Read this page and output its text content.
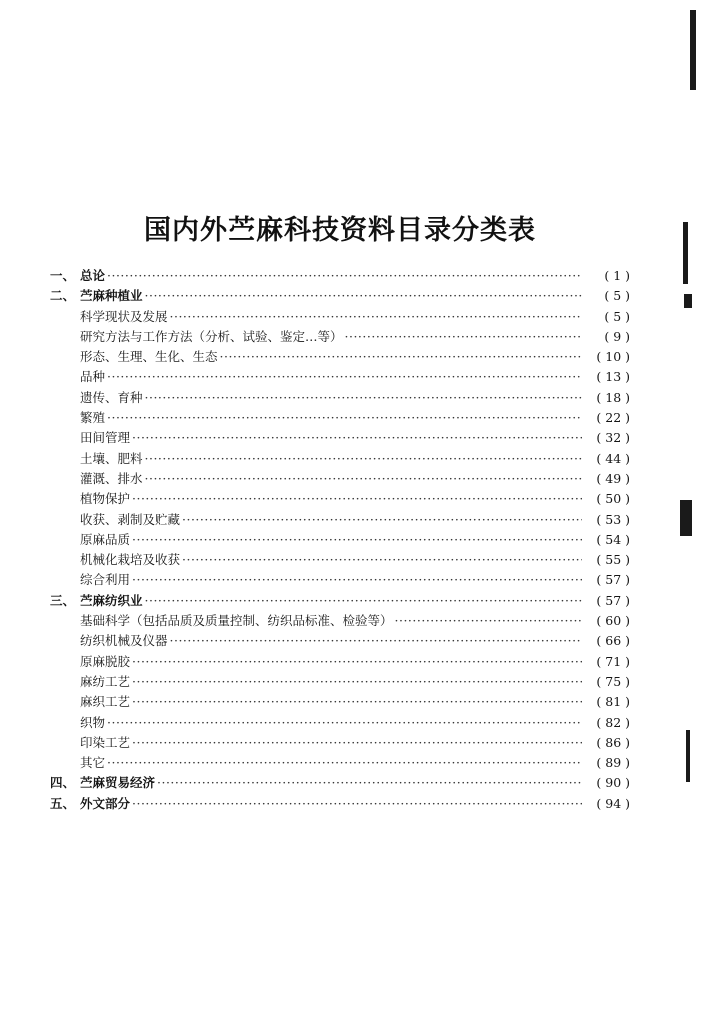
国内外苎麻科技资料目录分类表
一、 总论 ·····	( 1 )
二、 苎麻种植业 ·····	( 5 )
科学现状及发展 ·····	( 5 )
研究方法与工作方法（分析、试验、鉴定…等） ·····	( 9 )
形态、生理、生化、生态 ·····	( 10 )
品种 ·····	( 13 )
遗传、育种 ·····	( 18 )
繁殖 ·····	( 22 )
田间管理 ·····	( 32 )
土壤、肥料 ·····	( 44 )
灌溉、排水 ·····	( 49 )
植物保护 ·····	( 50 )
收获、剥制及贮藏 ·····	( 53 )
原麻品质 ·····	( 54 )
机械化栽培及收获 ·····	( 55 )
综合利用 ·····	( 57 )
三、 苎麻纺织业 ·····	( 57 )
基础科学（包括品质及质量控制、纺织品标准、检验等） ·····	( 60 )
纺织机械及仪器 ·····	( 66 )
原麻脱胶 ·····	( 71 )
麻纺工艺 ·····	( 75 )
麻织工艺 ·····	( 81 )
织物 ·····	( 82 )
印染工艺 ·····	( 86 )
其它 ·····	( 89 )
四、 苎麻贸易经济 ·····	( 90 )
五、 外文部分 ·····	( 94 )
